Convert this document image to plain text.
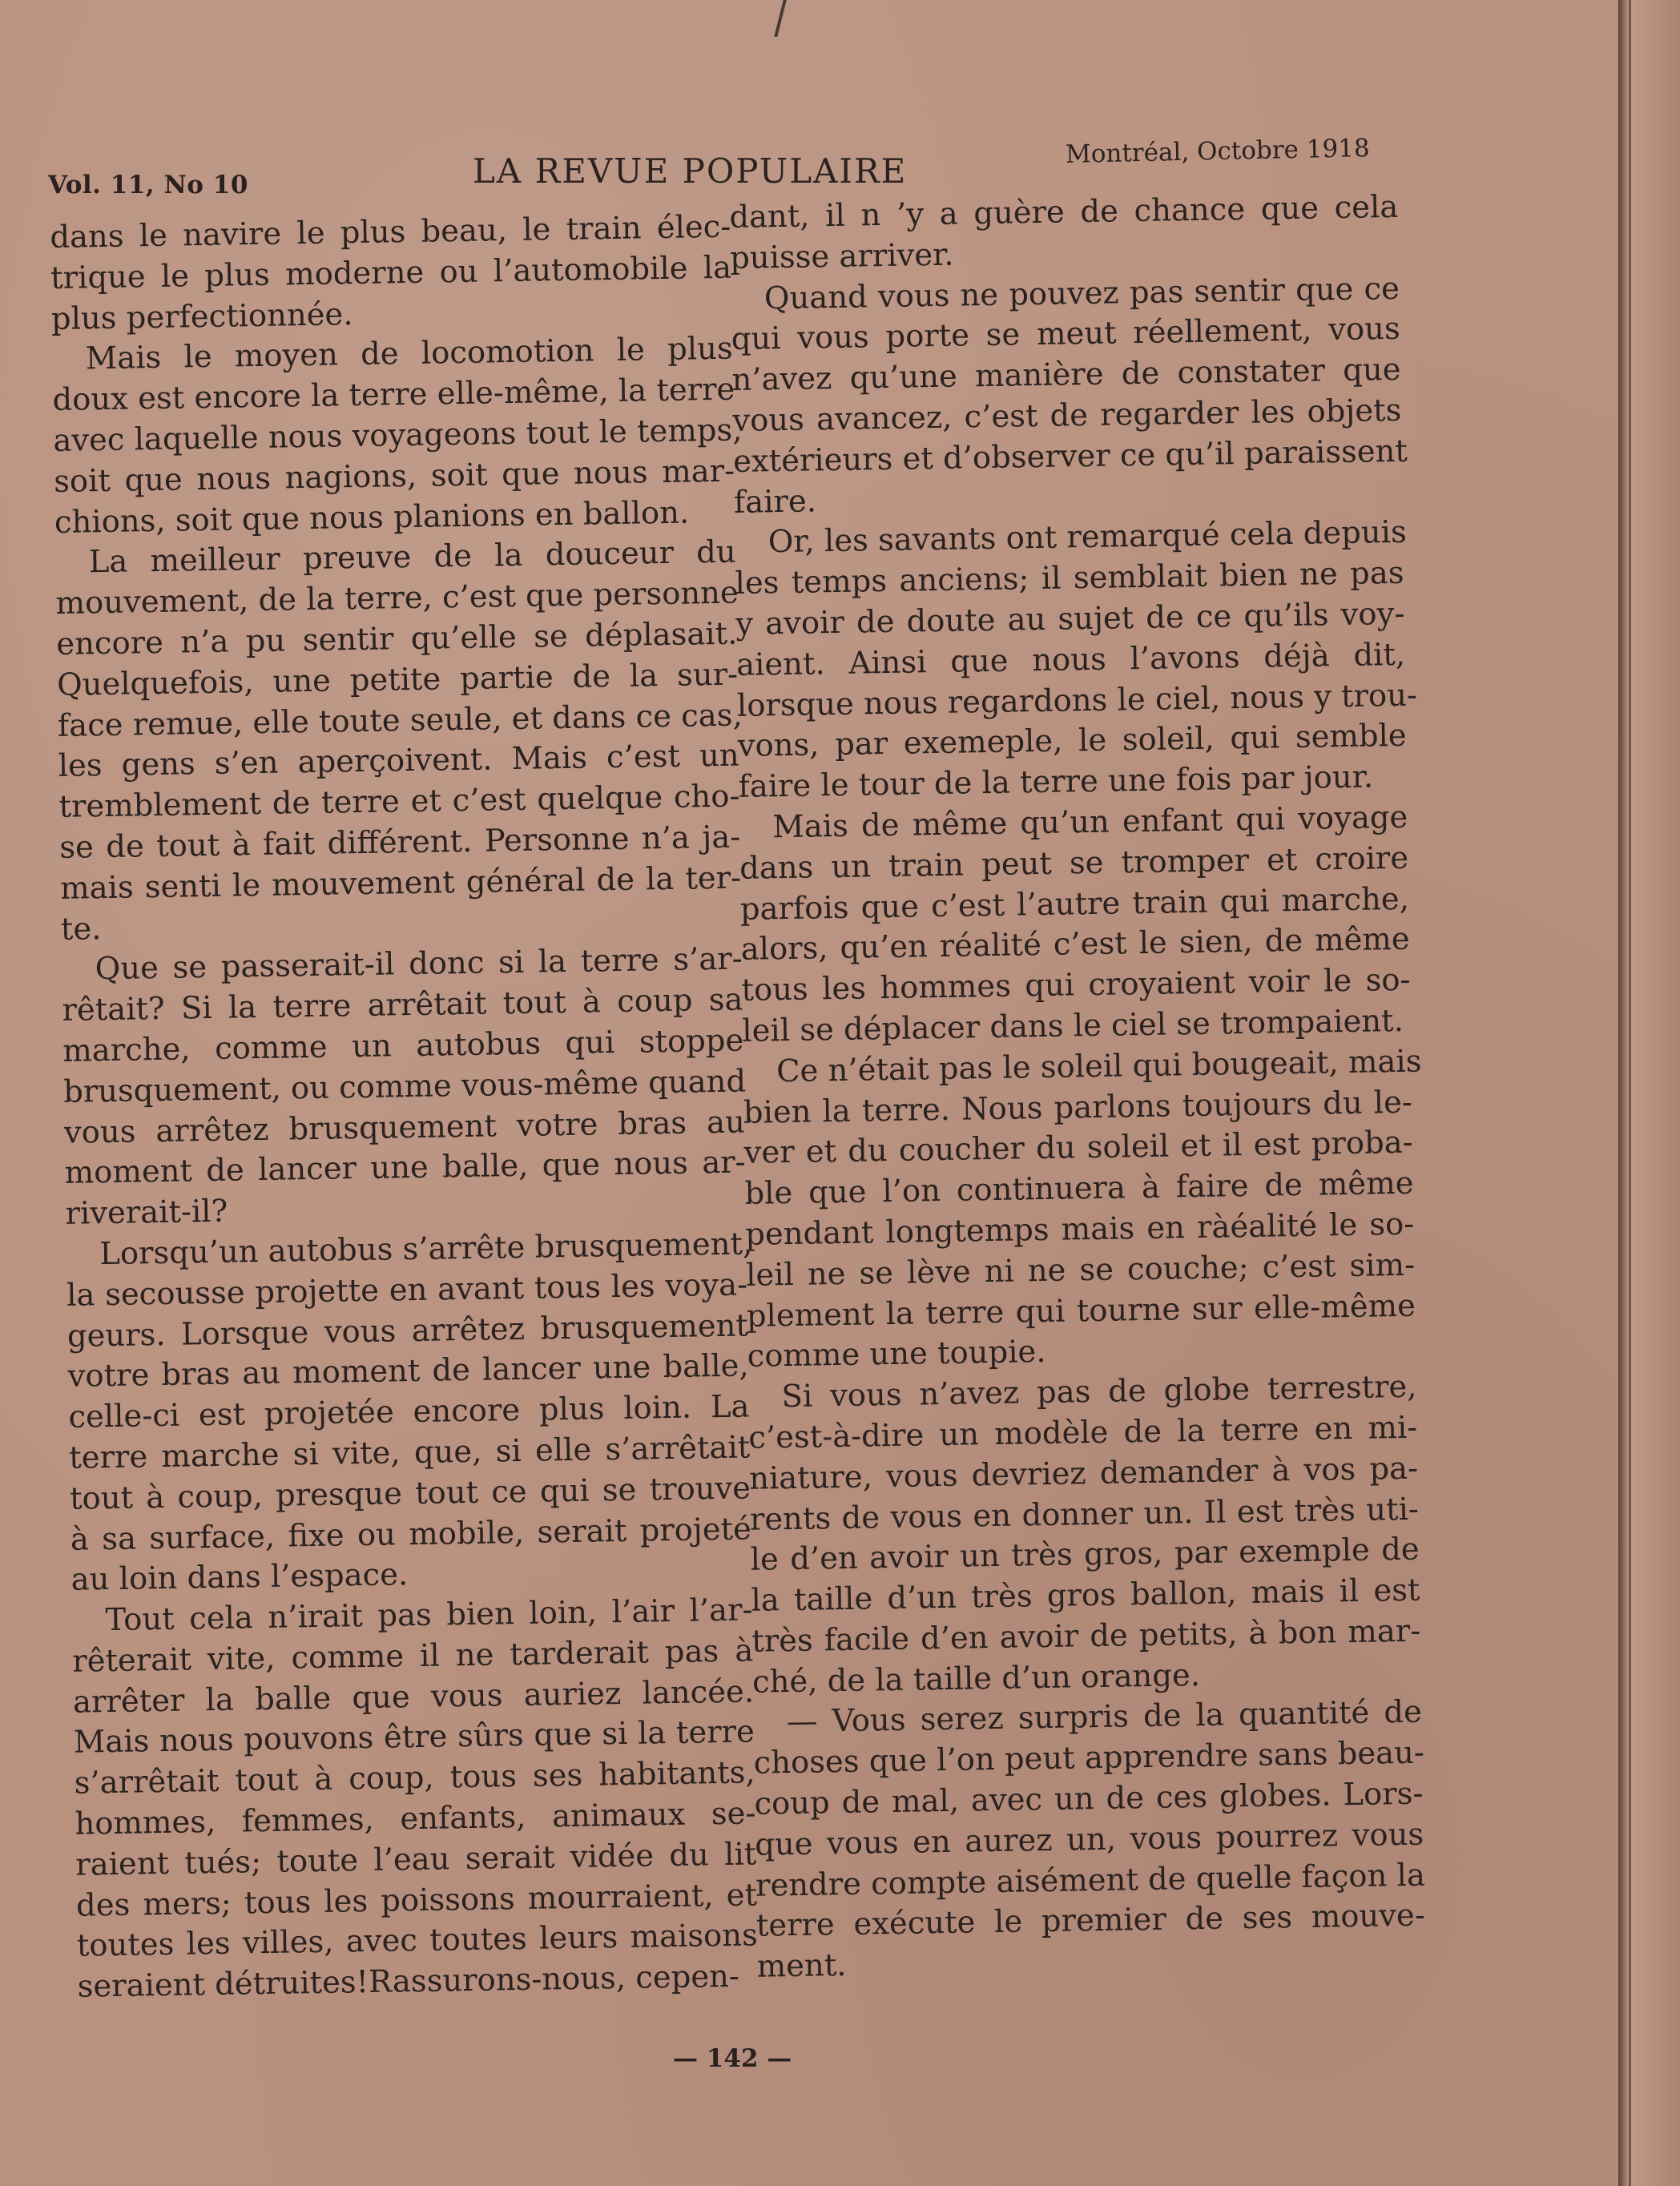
Vol. 11, No 10	LA REVUE POPULAIRE	Montréal, Octobre 1918

dans le navire le plus beau, le train élec-
trique le plus moderne ou l’automobile la
plus perfectionnée.

Mais le moyen de locomotion le plus
doux est encore la terre elle-même, la terre
avec laquelle nous voyageons tout le temps,
soit que nous nagions, soit que nous mar-
chions, soit que nous planions en ballon.

La meilleur preuve de la douceur du
mouvement, de la terre, c’est que personne
encore n’a pu sentir qu’elle se déplasait.
Quelquefois, une petite partie de la sur-
face remue, elle toute seule, et dans ce cas,
les gens s’en aperçoivent. Mais c’est un
tremblement de terre et c’est quelque cho-
se de tout à fait différent. Personne n’a ja-
mais senti le mouvement général de la ter-
te.

Que se passerait-il donc si la terre s’ar-
rêtait? Si la terre arrêtait tout à coup sa
marche, comme un autobus qui stoppe
brusquement, ou comme vous-même quand
vous arrêtez brusquement votre bras au
moment de lancer une balle, que nous ar-
riverait-il?

Lorsqu’un autobus s’arrête brusquement,
la secousse projette en avant tous les voya-
geurs. Lorsque vous arrêtez brusquement
votre bras au moment de lancer une balle,
celle-ci est projetée encore plus loin. La
terre marche si vite, que, si elle s’arrêtait
tout à coup, presque tout ce qui se trouve
à sa surface, fixe ou mobile, serait projeté
au loin dans l’espace.

Tout cela n’irait pas bien loin, l’air l’ar-
rêterait vite, comme il ne tarderait pas à
arrêter la balle que vous auriez lancée.
Mais nous pouvons être sûrs que si la terre
s’arrêtait tout à coup, tous ses habitants,
hommes, femmes, enfants, animaux se-
raient tués; toute l’eau serait vidée du lit
des mers; tous les poissons mourraient, et
toutes les villes, avec toutes leurs maisons
seraient détruites!Rassurons-nous, cepen-

dant, il n ’y a guère de chance que cela
puisse arriver.

Quand vous ne pouvez pas sentir que ce
qui vous porte se meut réellement, vous
n’avez qu’une manière de constater que
vous avancez, c’est de regarder les objets
extérieurs et d’observer ce qu’il paraissent
faire.

Or, les savants ont remarqué cela depuis
les temps anciens; il semblait bien ne pas
y avoir de doute au sujet de ce qu’ils voy-
aient. Ainsi que nous l’avons déjà dit,
lorsque nous regardons le ciel, nous y trou-
vons, par exemeple, le soleil, qui semble
faire le tour de la terre une fois par jour.

Mais de même qu’un enfant qui voyage
dans un train peut se tromper et croire
parfois que c’est l’autre train qui marche,
alors, qu’en réalité c’est le sien, de même
tous les hommes qui croyaient voir le so-
leil se déplacer dans le ciel se trompaient.

Ce n’était pas le soleil qui bougeait, mais
bien la terre. Nous parlons toujours du le-
ver et du coucher du soleil et il est proba-
ble que l’on continuera à faire de même
pendant longtemps mais en ràéalité le so-
leil ne se lève ni ne se couche; c’est sim-
plement la terre qui tourne sur elle-même
comme une toupie.

Si vous n’avez pas de globe terrestre,
c’est-à-dire un modèle de la terre en mi-
niature, vous devriez demander à vos pa-
rents de vous en donner un. Il est très uti-
le d’en avoir un très gros, par exemple de
la taille d’un très gros ballon, mais il est
très facile d’en avoir de petits, à bon mar-
ché, de la taille d’un orange.

— Vous serez surpris de la quantité de
choses que l’on peut apprendre sans beau-
coup de mal, avec un de ces globes. Lors-
que vous en aurez un, vous pourrez vous
rendre compte aisément de quelle façon la
terre exécute le premier de ses mouve-
ment.

— 142 —
